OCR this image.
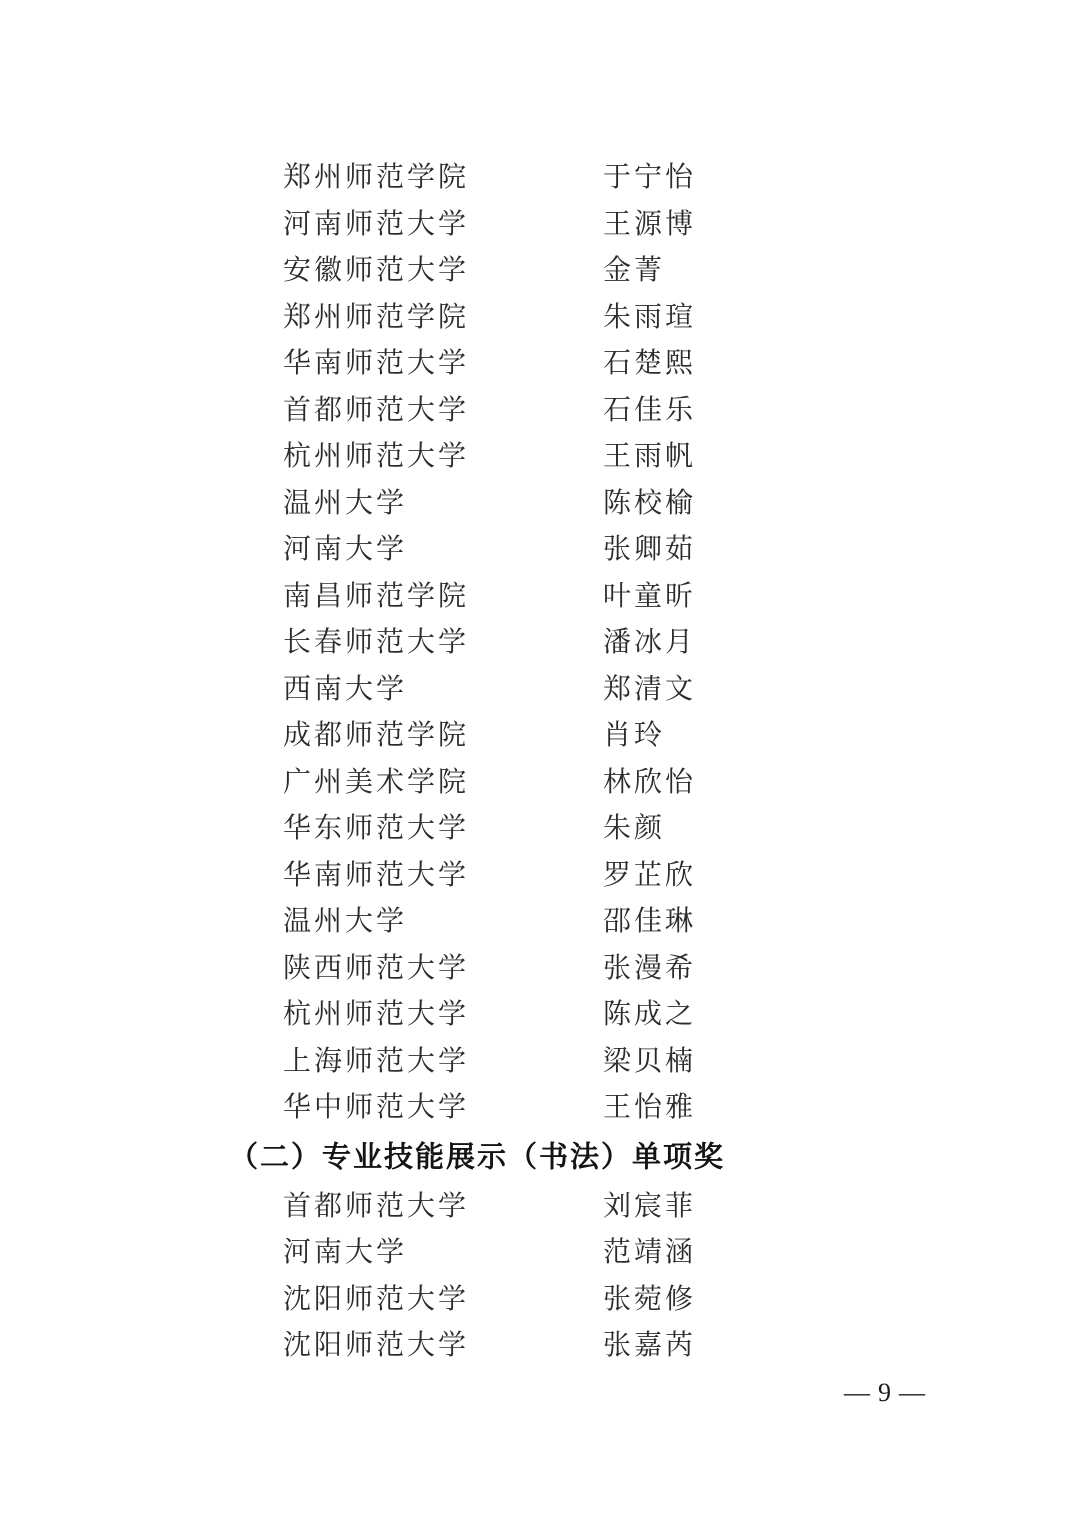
郑州师范学院	于宁怡
河南师范大学	王源博
安徽师范大学	金菁
郑州师范学院	朱雨瑄
华南师范大学	石楚熙
首都师范大学	石佳乐
杭州师范大学	王雨帆
温州大学	陈校榆
河南大学	张卿茹
南昌师范学院	叶童昕
长春师范大学	潘冰月
西南大学	郑清文
成都师范学院	肖玲
广州美术学院	林欣怡
华东师范大学	朱颜
华南师范大学	罗芷欣
温州大学	邵佳琳
陕西师范大学	张漫希
杭州师范大学	陈成之
上海师范大学	梁贝楠
华中师范大学	王怡雅
（二）专业技能展示（书法）单项奖
首都师范大学	刘宸菲
河南大学	范靖涵
沈阳师范大学	张菀修
沈阳师范大学	张嘉芮
— 9 —
